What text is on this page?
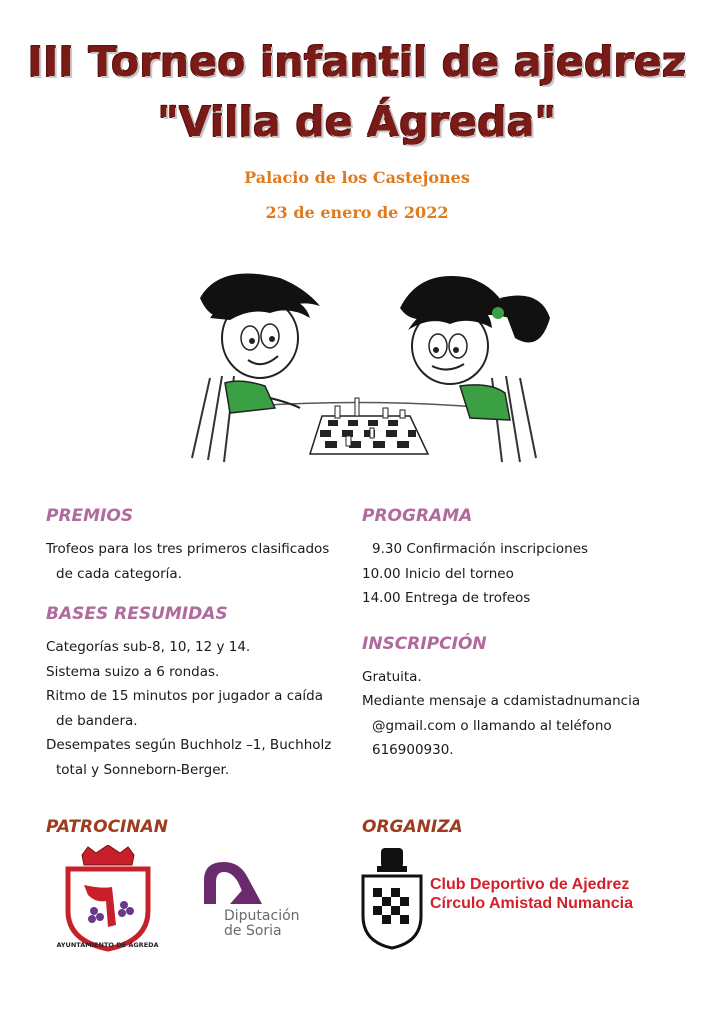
III Torneo infantil de ajedrez
"Villa de Ágreda"

Palacio de los Castejones

23 de enero de 2022

PREMIOS

Trofeos para los tres primeros clasificados

de cada categoría.

BASES RESUMIDAS

Categorías sub-8, 10, 12 y 14.

Sistema suizo a 6 rondas.

Ritmo de 15 minutos por jugador a caída

de bandera.

Desempates según Buchholz –1, Buchholz

total y Sonneborn-Berger.

PROGRAMA

9.30 Confirmación inscripciones

10.00 Inicio del torneo

14.00 Entrega de trofeos

INSCRIPCIÓN

Gratuita.

Mediante mensaje a cdamistadnumancia

@gmail.com o llamando al teléfono

616900930.

PATROCINAN	ORGANIZA

AYUNTAMIENTO DE ÁGREDA

Diputación

de Soria

Club Deportivo de Ajedrez

Círculo Amistad Numancia
